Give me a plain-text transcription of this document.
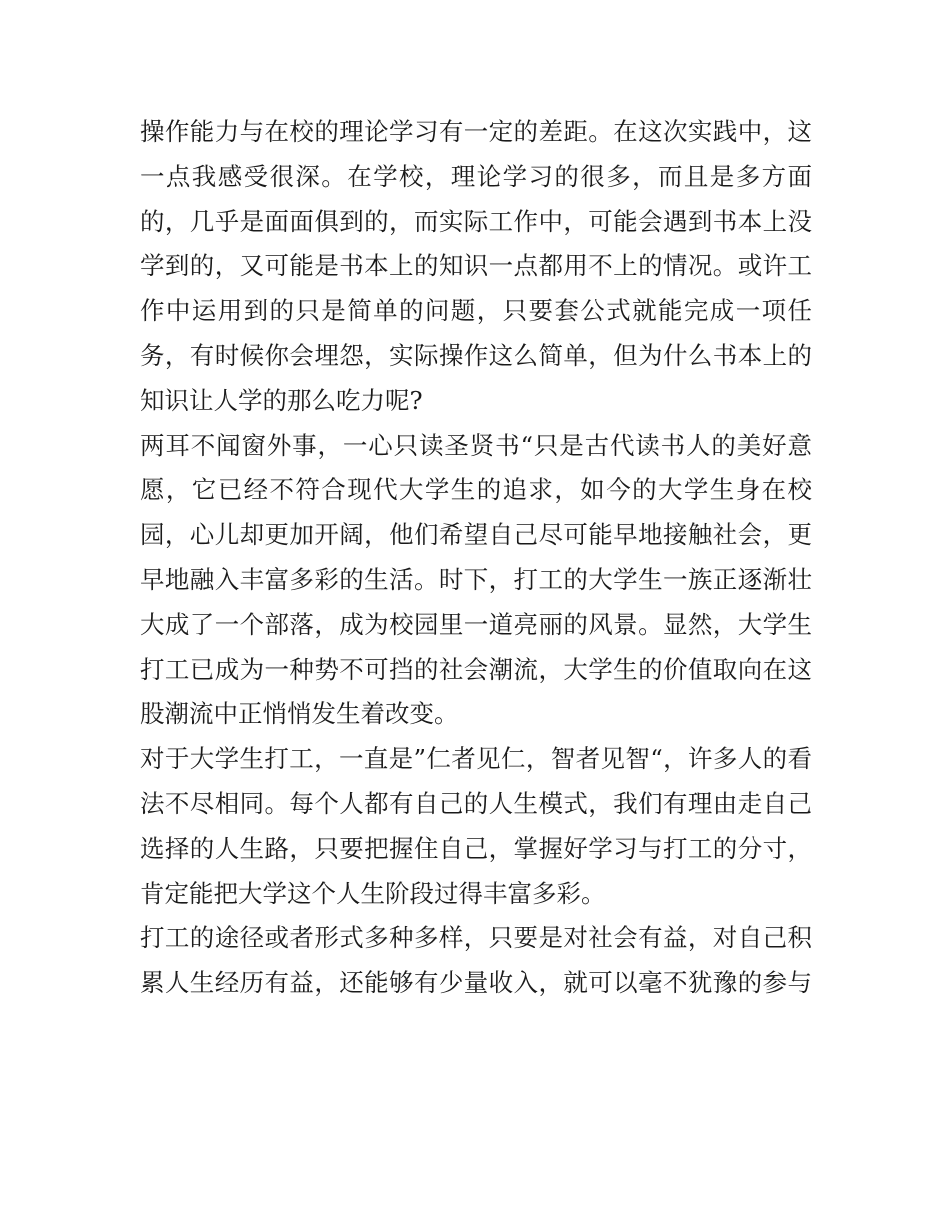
操作能力与在校的理论学习有一定的差距。在这次实践中，这
一点我感受很深。在学校，理论学习的很多，而且是多方面
的，几乎是面面俱到的，而实际工作中，可能会遇到书本上没
学到的，又可能是书本上的知识一点都用不上的情况。或许工
作中运用到的只是简单的问题，只要套公式就能完成一项任
务，有时候你会埋怨，实际操作这么简单，但为什么书本上的
知识让人学的那么吃力呢?
两耳不闻窗外事，一心只读圣贤书“只是古代读书人的美好意
愿，它已经不符合现代大学生的追求，如今的大学生身在校
园，心儿却更加开阔，他们希望自己尽可能早地接触社会，更
早地融入丰富多彩的生活。时下，打工的大学生一族正逐渐壮
大成了一个部落，成为校园里一道亮丽的风景。显然，大学生
打工已成为一种势不可挡的社会潮流，大学生的价值取向在这
股潮流中正悄悄发生着改变。
对于大学生打工，一直是”仁者见仁，智者见智“，许多人的看
法不尽相同。每个人都有自己的人生模式，我们有理由走自己
选择的人生路，只要把握住自己，掌握好学习与打工的分寸，
肯定能把大学这个人生阶段过得丰富多彩。
打工的途径或者形式多种多样，只要是对社会有益，对自己积
累人生经历有益，还能够有少量收入，就可以毫不犹豫的参与
